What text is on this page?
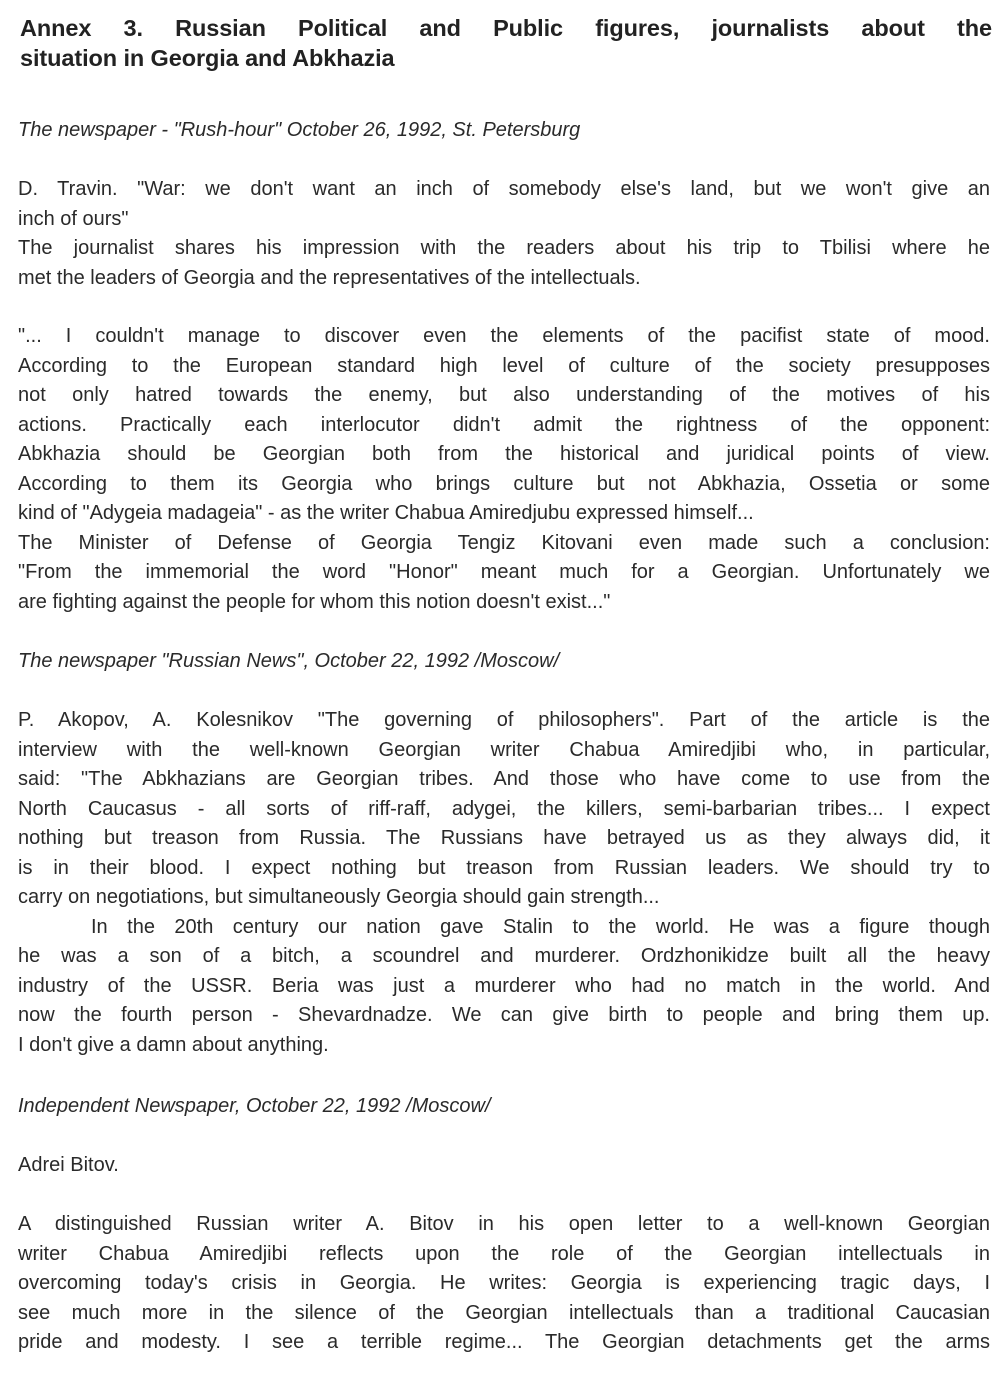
Annex 3. Russian Political and Public figures, journalists about the
situation in Georgia and Abkhazia
The newspaper - "Rush-hour" October 26, 1992, St. Petersburg
D. Travin. "War: we don't want an inch of somebody else's land, but we won't give an
inch of ours"
The journalist shares his impression with the readers about his trip to Tbilisi where he
met the leaders of Georgia and the representatives of the intellectuals.
"... I couldn't manage to discover even the elements of the pacifist state of mood.
According to the European standard high level of culture of the society presupposes
not only hatred towards the enemy, but also understanding of the motives of his
actions. Practically each interlocutor didn't admit the rightness of the opponent:
Abkhazia should be Georgian both from the historical and juridical points of view.
According to them its Georgia who brings culture but not Abkhazia, Ossetia or some
kind of "Adygeia madageia" - as the writer Chabua Amiredjubu expressed himself...
The Minister of Defense of Georgia Tengiz Kitovani even made such a conclusion:
"From the immemorial the word "Honor" meant much for a Georgian. Unfortunately we
are fighting against the people for whom this notion doesn't exist..."
The newspaper "Russian News", October 22, 1992 /Moscow/
P. Akopov, A. Kolesnikov "The governing of philosophers". Part of the article is the
interview with the well-known Georgian writer Chabua Amiredjibi who, in particular,
said: "The Abkhazians are Georgian tribes. And those who have come to use from the
North Caucasus - all sorts of riff-raff, adygei, the killers, semi-barbarian tribes... I expect
nothing but treason from Russia. The Russians have betrayed us as they always did, it
is in their blood. I expect nothing but treason from Russian leaders. We should try to
carry on negotiations, but simultaneously Georgia should gain strength...
In the 20th century our nation gave Stalin to the world. He was a figure though
he was a son of a bitch, a scoundrel and murderer. Ordzhonikidze built all the heavy
industry of the USSR. Beria was just a murderer who had no match in the world. And
now the fourth person - Shevardnadze. We can give birth to people and bring them up.
I don't give a damn about anything.
Independent Newspaper, October 22, 1992 /Moscow/
Adrei Bitov.
A distinguished Russian writer A. Bitov in his open letter to a well-known Georgian
writer Chabua Amiredjibi reflects upon the role of the Georgian intellectuals in
overcoming today's crisis in Georgia. He writes: Georgia is experiencing tragic days, I
see much more in the silence of the Georgian intellectuals than a traditional Caucasian
pride and modesty. I see a terrible regime... The Georgian detachments get the arms
